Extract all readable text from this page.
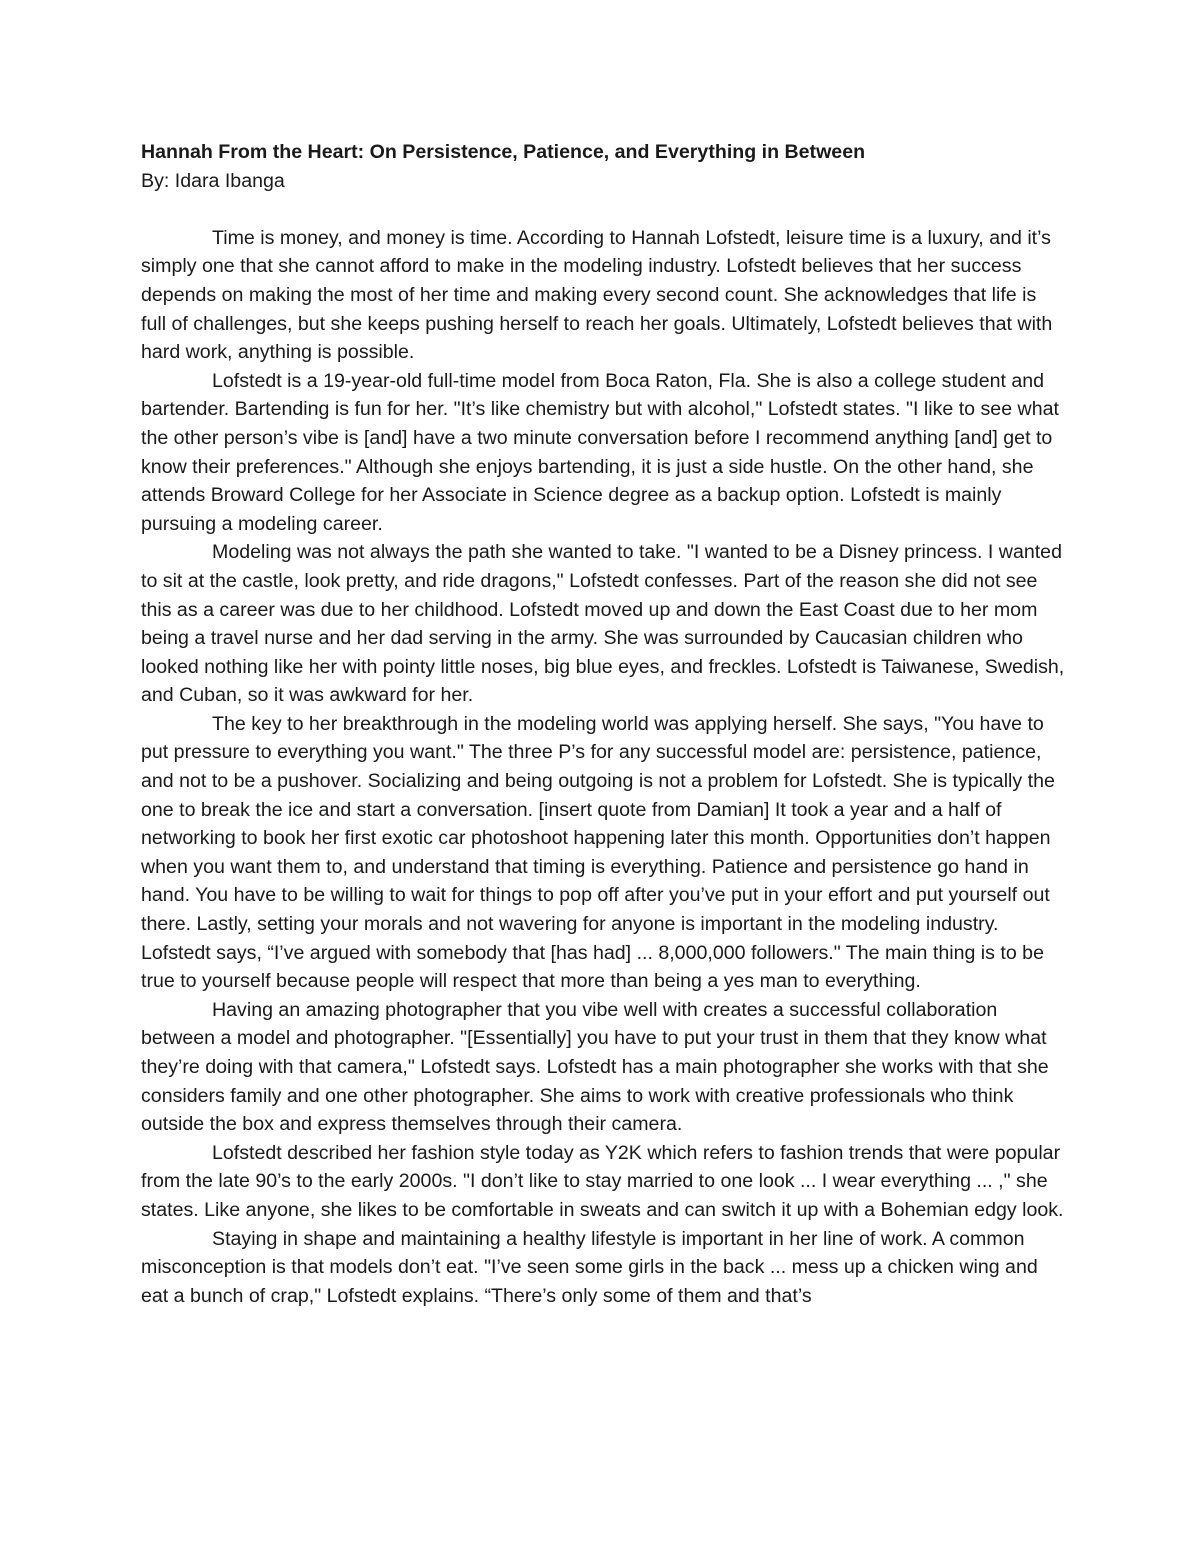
Hannah From the Heart: On Persistence, Patience, and Everything in Between

By: Idara Ibanga

Time is money, and money is time. According to Hannah Lofstedt, leisure time is a luxury, and it’s simply one that she cannot afford to make in the modeling industry. Lofstedt believes that her success depends on making the most of her time and making every second count. She acknowledges that life is full of challenges, but she keeps pushing herself to reach her goals. Ultimately, Lofstedt believes that with hard work, anything is possible.

Lofstedt is a 19-year-old full-time model from Boca Raton, Fla. She is also a college student and bartender. Bartending is fun for her. "It’s like chemistry but with alcohol," Lofstedt states. "I like to see what the other person’s vibe is [and] have a two minute conversation before I recommend anything [and] get to know their preferences." Although she enjoys bartending, it is just a side hustle. On the other hand, she attends Broward College for her Associate in Science degree as a backup option. Lofstedt is mainly pursuing a modeling career.

Modeling was not always the path she wanted to take. "I wanted to be a Disney princess. I wanted to sit at the castle, look pretty, and ride dragons," Lofstedt confesses. Part of the reason she did not see this as a career was due to her childhood. Lofstedt moved up and down the East Coast due to her mom being a travel nurse and her dad serving in the army. She was surrounded by Caucasian children who looked nothing like her with pointy little noses, big blue eyes, and freckles. Lofstedt is Taiwanese, Swedish, and Cuban, so it was awkward for her.

The key to her breakthrough in the modeling world was applying herself. She says, "You have to put pressure to everything you want." The three P’s for any successful model are: persistence, patience, and not to be a pushover. Socializing and being outgoing is not a problem for Lofstedt. She is typically the one to break the ice and start a conversation. [insert quote from Damian] It took a year and a half of networking to book her first exotic car photoshoot happening later this month. Opportunities don’t happen when you want them to, and understand that timing is everything. Patience and persistence go hand in hand. You have to be willing to wait for things to pop off after you’ve put in your effort and put yourself out there. Lastly, setting your morals and not wavering for anyone is important in the modeling industry. Lofstedt says, “I’ve argued with somebody that [has had] ... 8,000,000 followers." The main thing is to be true to yourself because people will respect that more than being a yes man to everything.

Having an amazing photographer that you vibe well with creates a successful collaboration between a model and photographer. "[Essentially] you have to put your trust in them that they know what they’re doing with that camera," Lofstedt says. Lofstedt has a main photographer she works with that she considers family and one other photographer. She aims to work with creative professionals who think outside the box and express themselves through their camera.

Lofstedt described her fashion style today as Y2K which refers to fashion trends that were popular from the late 90’s to the early 2000s. "I don’t like to stay married to one look ... I wear everything ... ," she states. Like anyone, she likes to be comfortable in sweats and can switch it up with a Bohemian edgy look.

Staying in shape and maintaining a healthy lifestyle is important in her line of work. A common misconception is that models don’t eat. "I’ve seen some girls in the back ... mess up a chicken wing and eat a bunch of crap," Lofstedt explains. “There’s only some of them and that’s
